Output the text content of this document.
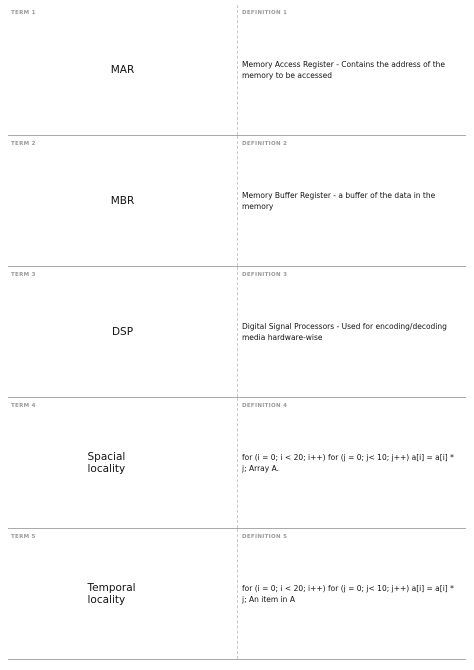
TERM 1
MAR
DEFINITION 1
Memory Access Register - Contains the address of the memory to be accessed
TERM 2
MBR
DEFINITION 2
Memory Buffer Register - a buffer of the data in the memory
TERM 3
DSP
DEFINITION 3
Digital Signal Processors - Used for encoding/decoding media hardware-wise
TERM 4
Spacial locality
DEFINITION 4
for (i = 0; i < 20; i++) for (j = 0; j< 10; j++) a[i] = a[i] * j; Array A.
TERM 5
Temporal locality
DEFINITION 5
for (i = 0; i < 20; i++) for (j = 0; j< 10; j++) a[i] = a[i] * j; An item in A
